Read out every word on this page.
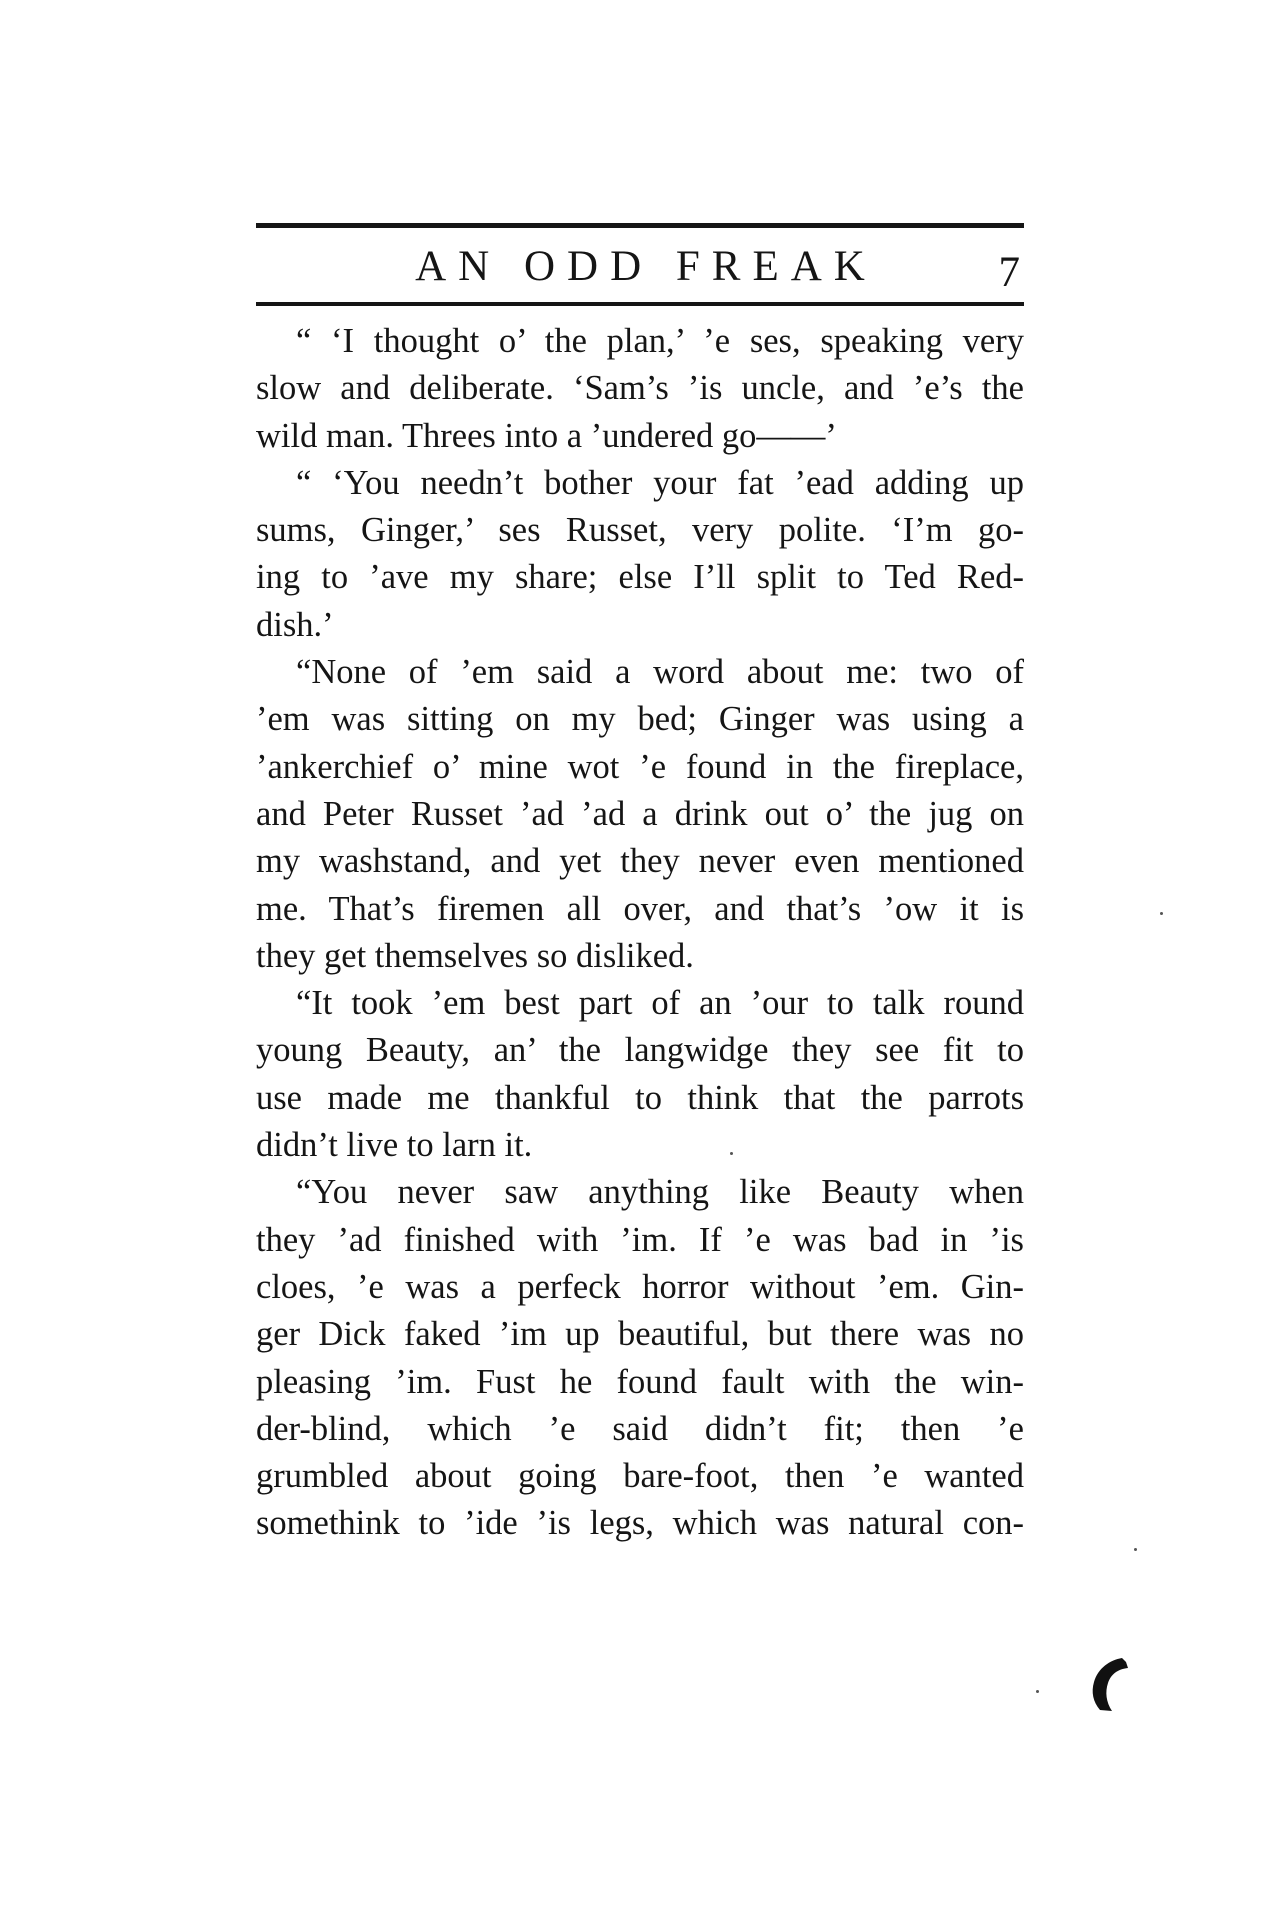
AN ODD FREAK	7
“ ‘I thought o’ the plan,’ ’e ses, speaking very
slow and deliberate. ‘Sam’s ’is uncle, and ’e’s the
wild man. Threes into a ’undered go——’
“ ‘You needn’t bother your fat ’ead adding up
sums, Ginger,’ ses Russet, very polite. ‘I’m go-
ing to ’ave my share; else I’ll split to Ted Red-
dish.’
“None of ’em said a word about me: two of
’em was sitting on my bed; Ginger was using a
’ankerchief o’ mine wot ’e found in the fireplace,
and Peter Russet ’ad ’ad a drink out o’ the jug on
my washstand, and yet they never even mentioned
me. That’s firemen all over, and that’s ’ow it is
they get themselves so disliked.
“It took ’em best part of an ’our to talk round
young Beauty, an’ the langwidge they see fit to
use made me thankful to think that the parrots
didn’t live to larn it.
“You never saw anything like Beauty when
they ’ad finished with ’im. If ’e was bad in ’is
cloes, ’e was a perfeck horror without ’em. Gin-
ger Dick faked ’im up beautiful, but there was no
pleasing ’im. Fust he found fault with the win-
der-blind, which ’e said didn’t fit; then ’e
grumbled about going bare-foot, then ’e wanted
somethink to ’ide ’is legs, which was natural con-
